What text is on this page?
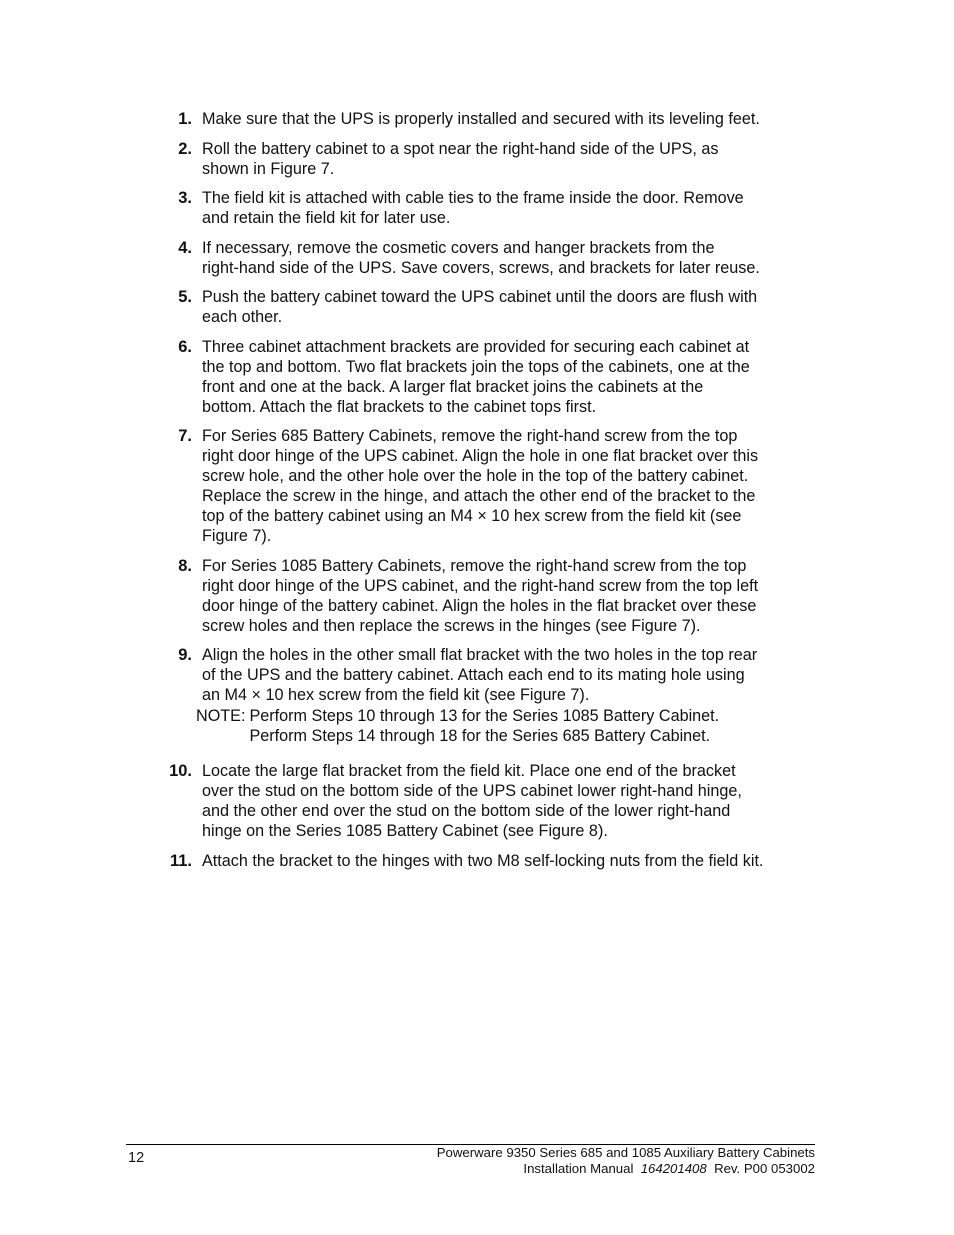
1. Make sure that the UPS is properly installed and secured with its leveling feet.
2. Roll the battery cabinet to a spot near the right-hand side of the UPS, as
shown in Figure 7.
3. The field kit is attached with cable ties to the frame inside the door. Remove
and retain the field kit for later use.
4. If necessary, remove the cosmetic covers and hanger brackets from the
right-hand side of the UPS. Save covers, screws, and brackets for later reuse.
5. Push the battery cabinet toward the UPS cabinet until the doors are flush with
each other.
6. Three cabinet attachment brackets are provided for securing each cabinet at
the top and bottom. Two flat brackets join the tops of the cabinets, one at the
front and one at the back. A larger flat bracket joins the cabinets at the
bottom. Attach the flat brackets to the cabinet tops first.
7. For Series 685 Battery Cabinets, remove the right-hand screw from the top
right door hinge of the UPS cabinet. Align the hole in one flat bracket over this
screw hole, and the other hole over the hole in the top of the battery cabinet.
Replace the screw in the hinge, and attach the other end of the bracket to the
top of the battery cabinet using an M4 × 10 hex screw from the field kit (see
Figure 7).
8. For Series 1085 Battery Cabinets, remove the right-hand screw from the top
right door hinge of the UPS cabinet, and the right-hand screw from the top left
door hinge of the battery cabinet. Align the holes in the flat bracket over these
screw holes and then replace the screws in the hinges (see Figure 7).
9. Align the holes in the other small flat bracket with the two holes in the top rear
of the UPS and the battery cabinet. Attach each end to its mating hole using
an M4 × 10 hex screw from the field kit (see Figure 7).
NOTE: Perform Steps 10 through 13 for the Series 1085 Battery Cabinet.
Perform Steps 14 through 18 for the Series 685 Battery Cabinet.
10. Locate the large flat bracket from the field kit. Place one end of the bracket
over the stud on the bottom side of the UPS cabinet lower right-hand hinge,
and the other end over the stud on the bottom side of the lower right-hand
hinge on the Series 1085 Battery Cabinet (see Figure 8).
11. Attach the bracket to the hinges with two M8 self-locking nuts from the field kit.
12	Powerware 9350 Series 685 and 1085 Auxiliary Battery Cabinets
Installation Manual 164201408 Rev. P00 053002
